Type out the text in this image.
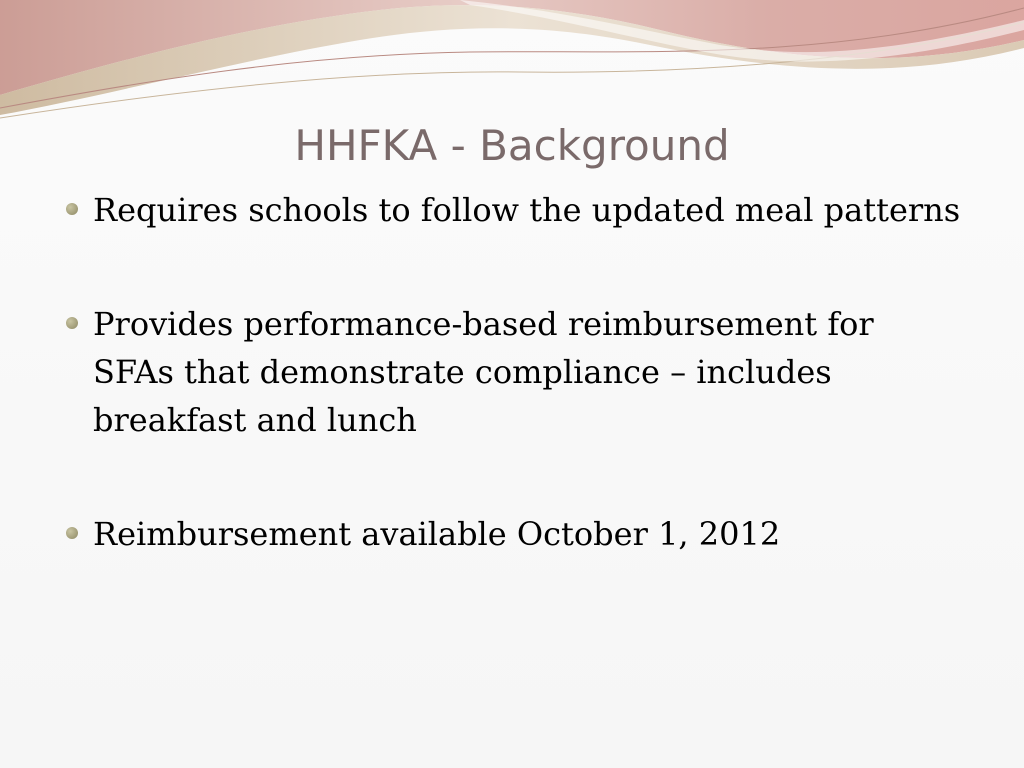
HHFKA - Background
Requires schools to follow the updated meal patterns
Provides performance-based reimbursement for SFAs that demonstrate compliance – includes breakfast and lunch
Reimbursement available October 1, 2012
